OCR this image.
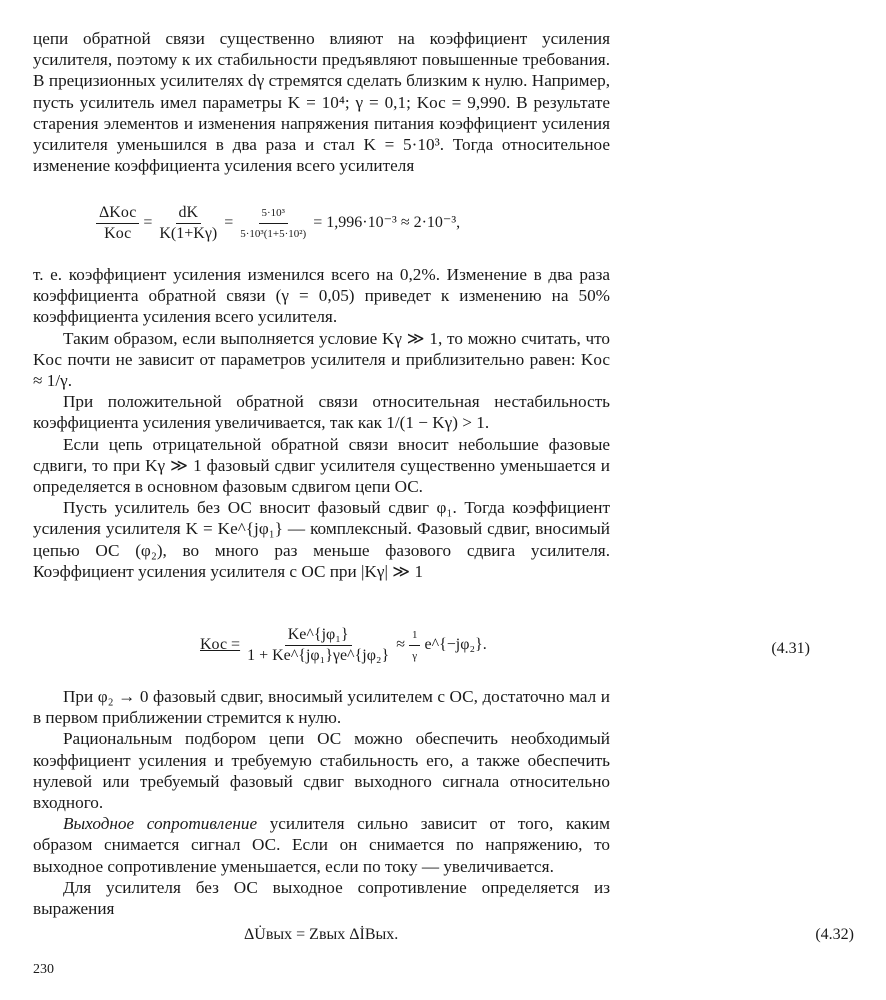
цепи обратной связи существенно влияют на коэффициент усиления усилителя, поэтому к их стабильности предъявляют повышенные требования. В прецизионных усилителях dγ стремятся сделать близким к нулю. Например, пусть усилитель имел параметры K = 10⁴; γ = 0,1; Kос = 9,990. В результате старения элементов и изменения напряжения питания коэффициент усиления усилителя уменьшился в два раза и стал K = 5·10³. Тогда относительное изменение коэффициента усиления всего усилителя

$\frac{\text{ΔKос}}{\text{Kос}} = \frac{dK}{K(1+K\gamma)} = \frac{\text{5·10³}}{\text{5·10³(1+5·10²)}} = 1,996\cdot 10^{-3} \approx 2\cdot 10^{-3}$,

т. е. коэффициент усиления изменился всего на 0,2%. Изменение в два раза коэффициента обратной связи (γ = 0,05) приведет к изменению на 50% коэффициента усиления всего усилителя.

Таким образом, если выполняется условие Kγ ≫ 1, то можно считать, что Kос почти не зависит от параметров усилителя и приблизительно равен: Kос ≈ 1/γ.

При положительной обратной связи относительная нестабильность коэффициента усиления увеличивается, так как 1/(1 − Kγ) > 1.

Если цепь отрицательной обратной связи вносит небольшие фазовые сдвиги, то при Kγ ≫ 1 фазовый сдвиг усилителя существенно уменьшается и определяется в основном фазовым сдвигом цепи ОС.

Пусть усилитель без ОС вносит фазовый сдвиг φ₁. Тогда коэффициент усиления усилителя K = Ke^{jφ₁} — комплексный. Фазовый сдвиг, вносимый цепью ОС (φ₂), во много раз меньше фазового сдвига усилителя. Коэффициент усиления усилителя с ОС при |Kγ| ≫ 1

Kос = $\frac{\text{Ke\textasciicircum{}\{jφ₁\}}}{\text{1 + Ke\textasciicircum{}\{jφ₁\}γe\textasciicircum{}\{jφ₂\}}} \approx \frac{1}{\gamma}$ e^{−jφ₂}.	(4.31)

При φ₂ → 0 фазовый сдвиг, вносимый усилителем с ОС, достаточно мал и в первом приближении стремится к нулю.

Рациональным подбором цепи ОС можно обеспечить необходимый коэффициент усиления и требуемую стабильность его, а также обеспечить нулевой или требуемый фазовый сдвиг выходного сигнала относительно входного.

Выходное сопротивление усилителя сильно зависит от того, каким образом снимается сигнал ОС. Если он снимается по напряжению, то выходное сопротивление уменьшается, если по току — увеличивается.

Для усилителя без ОС выходное сопротивление определяется из выражения

ΔU̇вых = Zвых ΔİВых.	(4.32)
230
